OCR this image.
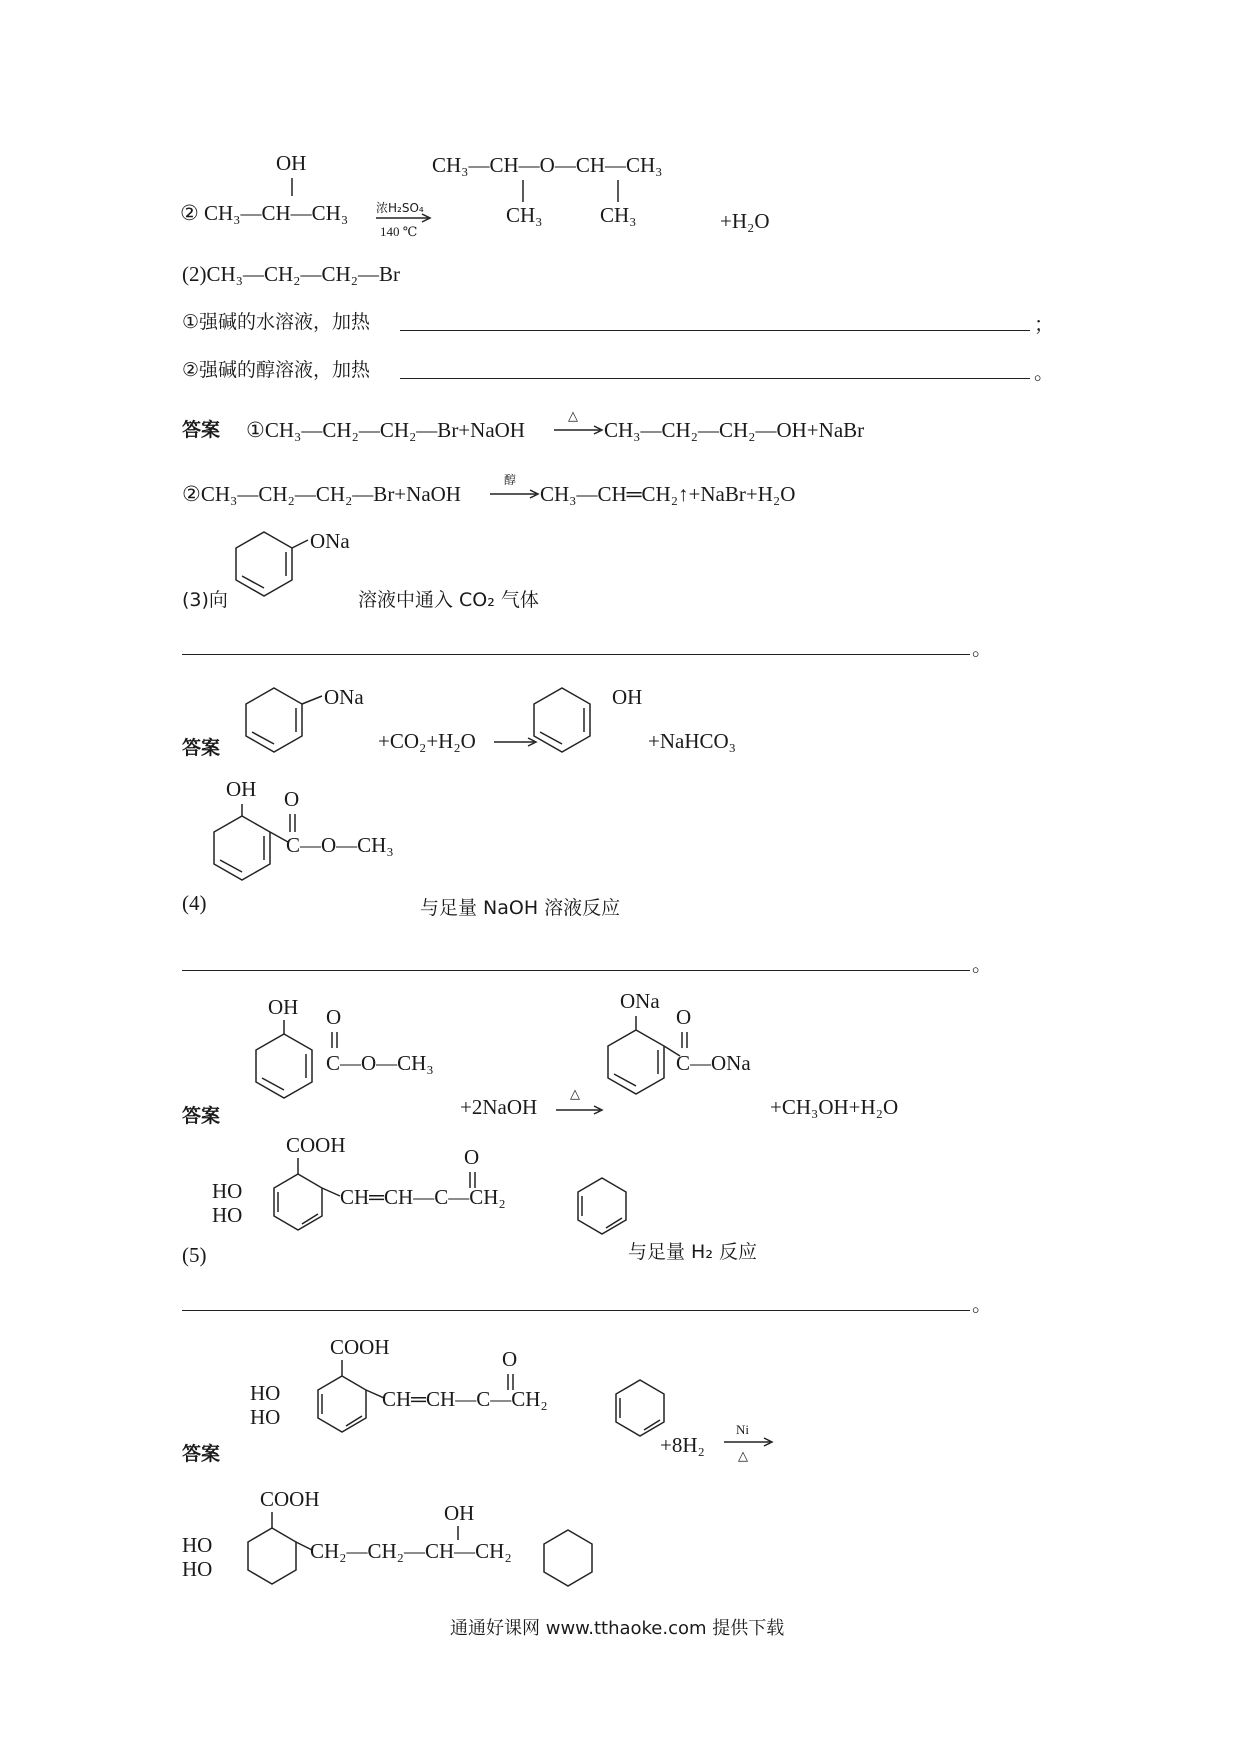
OH
② CH₃—CH—CH₃ 浓H₂SO₄
140 ℃
CH₃—CH—O—CH—CH₃
CH₃	CH₃	+H₂O
(2)CH₃—CH₂—CH₂—Br
①强碱的水溶液，加热	；
②强碱的醇溶液，加热	。
答案 ①CH₃—CH₂—CH₂—Br+NaOH
△
CH₃—CH₂—CH₂—OH+NaBr
②CH₃—CH₂—CH₂—Br+NaOH
醇
CH₃—CH═CH₂↑+NaBr+H₂O
(3)向
ONa
溶液中通入 CO₂ 气体
。
答案
ONa
+CO₂+H₂O
OH
+NaHCO₃
OH O
C—O—CH₃
(4)	与足量 NaOH 溶液反应
。
答案
OH O
C—O—CH₃
+2NaOH
△
ONa
O
C—ONa
+CH₃OH+H₂O
COOH
HO
HO
O
CH═CH—C—CH₂
(5)	与足量 H₂ 反应
。
答案
COOH
HO
HO
O
CH═CH—C—CH₂
+8H₂
Ni
△
COOH
HO
HO
OH
CH₂—CH₂—CH—CH₂
通通好课网 www.tthaoke.com 提供下载
